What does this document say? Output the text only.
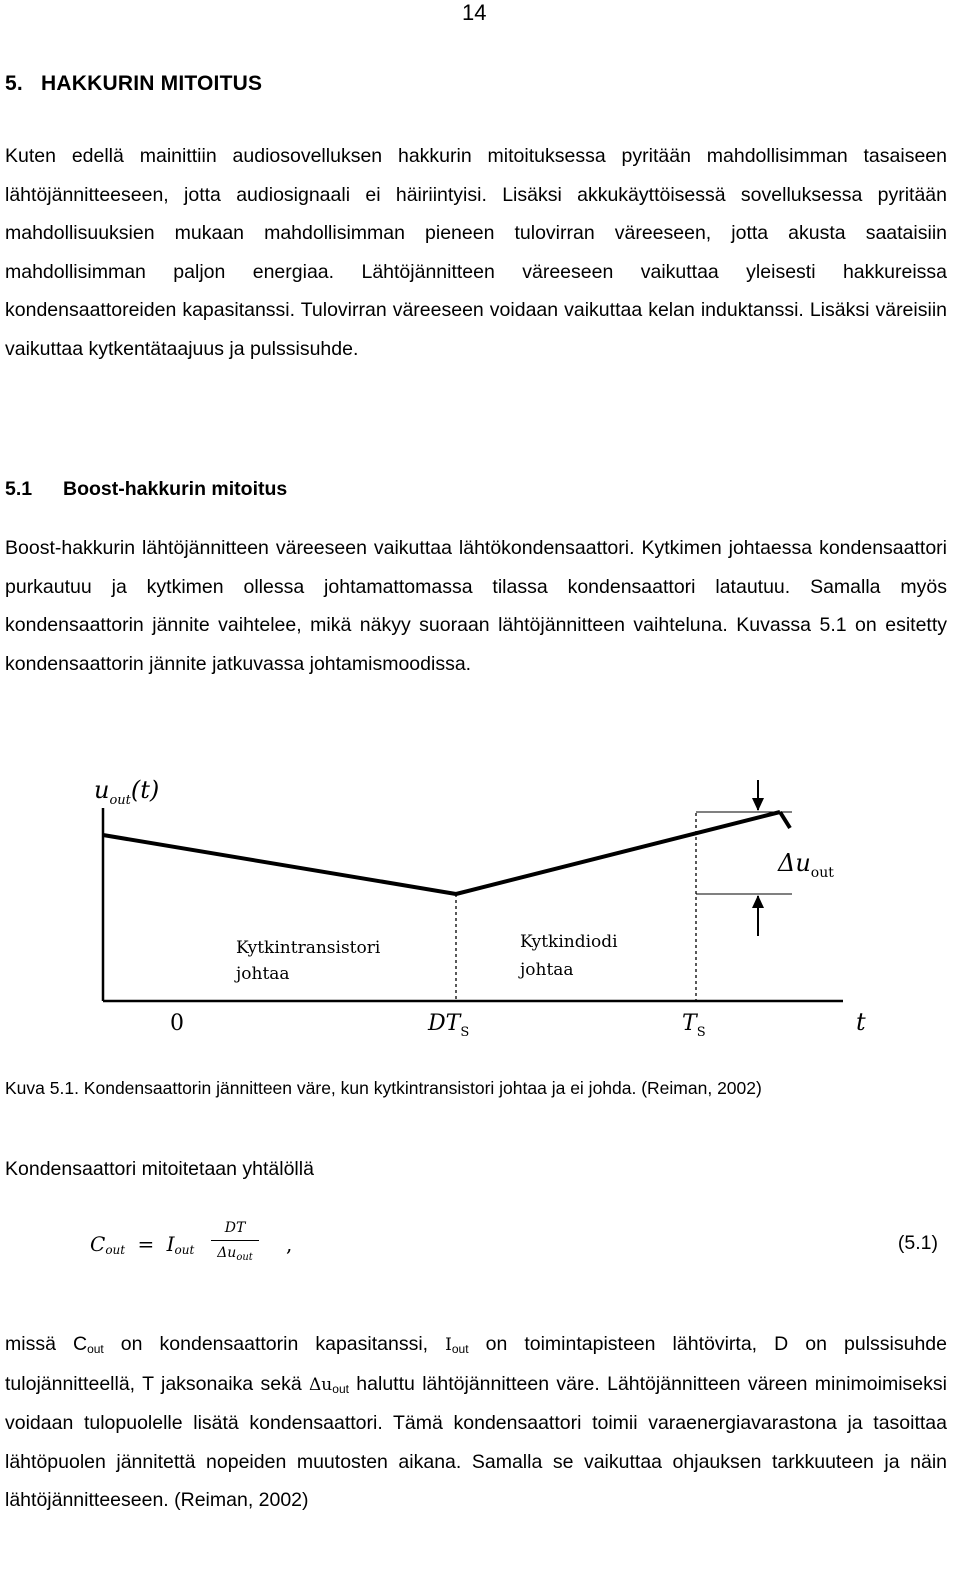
14
5. HAKKURIN MITOITUS
Kuten edellä mainittiin audiosovelluksen hakkurin mitoituksessa pyritään mahdollisimman tasaiseen lähtöjännitteeseen, jotta audiosignaali ei häiriintyisi. Lisäksi akkukäyttöisessä sovelluksessa pyritään mahdollisuuksien mukaan mahdollisimman pieneen tulovirran väreeseen, jotta akusta saataisiin mahdollisimman paljon energiaa. Lähtöjännitteen väreeseen vaikuttaa yleisesti hakkureissa kondensaattoreiden kapasitanssi. Tulovirran väreeseen voidaan vaikuttaa kelan induktanssi. Lisäksi väreisiin vaikuttaa kytkentätaajuus ja pulssisuhde.
5.1 Boost-hakkurin mitoitus
Boost-hakkurin lähtöjännitteen väreeseen vaikuttaa lähtökondensaattori. Kytkimen johtaessa kondensaattori purkautuu ja kytkimen ollessa johtamattomassa tilassa kondensaattori latautuu. Samalla myös kondensaattorin jännite vaihtelee, mikä näkyy suoraan lähtöjännitteen vaihteluna. Kuvassa 5.1 on esitetty kondensaattorin jännite jatkuvassa johtamismoodissa.
$u_{out}(t)$
$\Delta u_{out}$
Kytkintransistori
johtaa
Kytkindiodi
johtaa
0	$DT_S$	$T_S$	t
Kuva 5.1. Kondensaattorin jännitteen väre, kun kytkintransistori johtaa ja ei johda. (Reiman, 2002)
Kondensaattori mitoitetaan yhtälöllä
$C_{out} = I_{out}$
DT
$\Delta u_{out}$
,	(5.1)
missä $C_{out}$ on kondensaattorin kapasitanssi, $I_{out}$ on toimintapisteen lähtövirta, D on pulssisuhde tulojännitteellä, T jaksonaika sekä $\Delta u_{out}$ haluttu lähtöjännitteen väre. Lähtöjännitteen väreen minimoimiseksi voidaan tulopuolelle lisätä kondensaattori. Tämä kondensaattori toimii varaenergiavarastona ja tasoittaa lähtöpuolen jännitettä nopeiden muutosten aikana. Samalla se vaikuttaa ohjauksen tarkkuuteen ja näin lähtöjännitteeseen. (Reiman, 2002)
